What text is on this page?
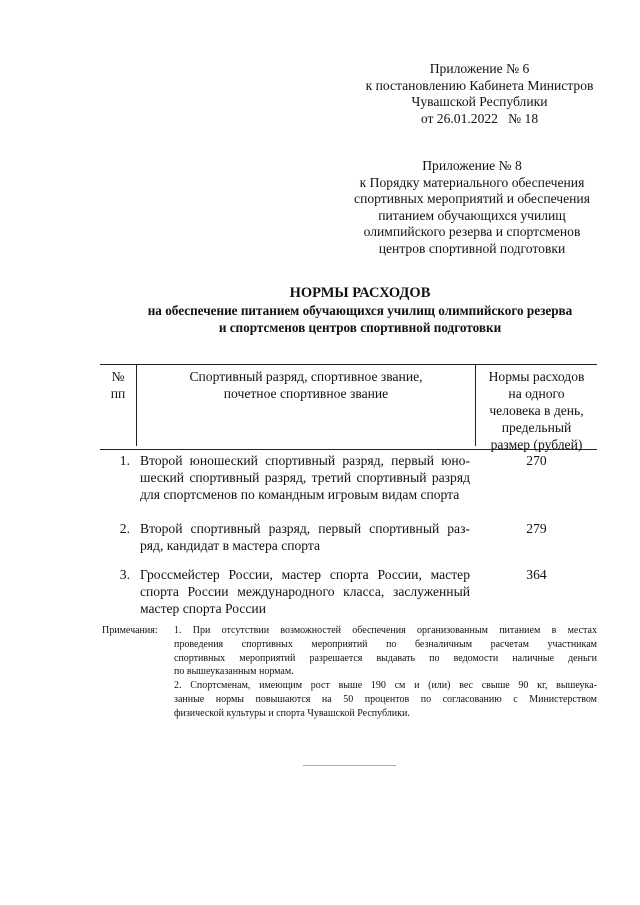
Приложение № 6
к постановлению Кабинета Министров
Чувашской Республики
от 26.01.2022   № 18
Приложение № 8
к Порядку материального обеспечения
спортивных мероприятий и обеспечения
питанием обучающихся училищ
олимпийского резерва и спортсменов
центров спортивной подготовки
НОРМЫ РАСХОДОВ
на обеспечение питанием обучающихся училищ олимпийского резерва
и спортсменов центров спортивной подготовки
№
пп
Спортивный разряд, спортивное звание,
почетное спортивное звание
Нормы расходов
на одного
человека в день,
предельный
размер (рублей)
1. Второй юношеский спортивный разряд, первый юно-
шеский спортивный разряд, третий спортивный разряд
для спортсменов по командным игровым видам спорта
270
2. Второй спортивный разряд, первый спортивный раз-
ряд, кандидат в мастера спорта
279
3. Гроссмейстер России, мастер спорта России, мастер
спорта России международного класса, заслуженный
мастер спорта России
364
Примечания: 1. При отсутствии возможностей обеспечения организованным питанием в местах
проведения спортивных мероприятий по безналичным расчетам участникам
спортивных мероприятий разрешается выдавать по ведомости наличные деньги
по вышеуказанным нормам.
2. Спортсменам, имеющим рост выше 190 см и (или) вес свыше 90 кг, вышеука-
занные нормы повышаются на 50 процентов по согласованию с Министерством
физической культуры и спорта Чувашской Республики.
